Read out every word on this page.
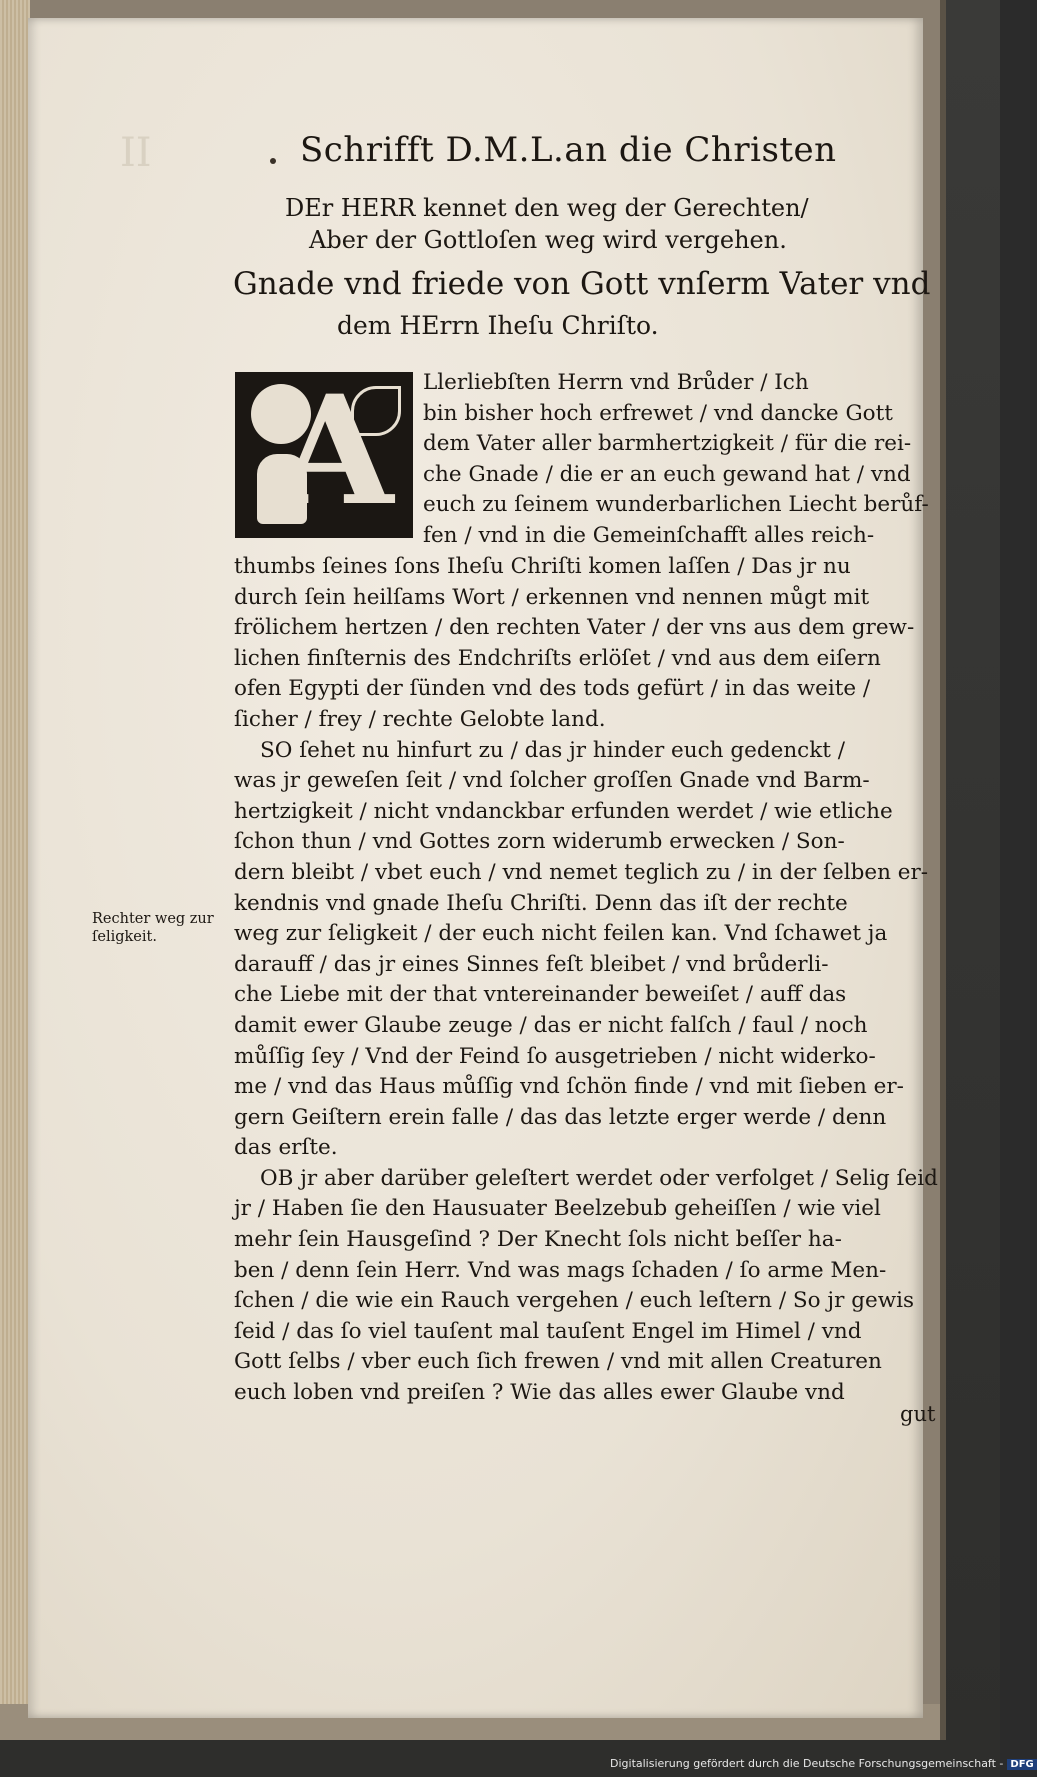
II	Schrifft D.M.L.an die Christen
DEr HERR kennet den weg der Gerechten/
Aber der Gottloſen weg wird vergehen.
Gnade vnd friede von Gott vnſerm Vater vnd
dem HErrn Iheſu Chriſto.
A Llerliebſten Herrn vnd Brůder / Ich
bin bisher hoch erfrewet / vnd dancke Gott
dem Vater aller barmhertzigkeit / für die rei-
che Gnade / die er an euch gewand hat / vnd
euch zu ſeinem wunderbarlichen Liecht berůf-
fen / vnd in die Gemeinſchafft alles reich-
thumbs ſeines ſons Iheſu Chriſti komen laſſen / Das jr nu
durch ſein heilſams Wort / erkennen vnd nennen můgt mit
frölichem hertzen / den rechten Vater / der vns aus dem grew-
lichen finſternis des Endchriſts erlöſet / vnd aus dem eiſern
ofen Egypti der ſünden vnd des tods gefürt / in das weite /
ſicher / frey / rechte Gelobte land.
SO ſehet nu hinfurt zu / das jr hinder euch gedenckt /
was jr geweſen ſeit / vnd ſolcher groſſen Gnade vnd Barm-
hertzigkeit / nicht vndanckbar erfunden werdet / wie etliche
ſchon thun / vnd Gottes zorn widerumb erwecken / Son-
dern bleibt / vbet euch / vnd nemet teglich zu / in der ſelben er-
kendnis vnd gnade Iheſu Chriſti. Denn das iſt der rechte
weg zur ſeligkeit / der euch nicht feilen kan. Vnd ſchawet ja
darauff / das jr eines Sinnes feſt bleibet / vnd brůderli-
che Liebe mit der that vntereinander beweiſet / auff das
damit ewer Glaube zeuge / das er nicht falſch / faul / noch
můſſig ſey / Vnd der Feind ſo ausgetrieben / nicht widerko-
me / vnd das Haus můſſig vnd ſchön finde / vnd mit ſieben er-
gern Geiſtern erein falle / das das letzte erger werde / denn
das erſte.
OB jr aber darüber geleſtert werdet oder verfolget / Selig ſeid
jr / Haben ſie den Hausuater Beelzebub geheiſſen / wie viel
mehr ſein Hausgeſind ? Der Knecht ſols nicht beſſer ha-
ben / denn ſein Herr. Vnd was mags ſchaden / ſo arme Men-
ſchen / die wie ein Rauch vergehen / euch leſtern / So jr gewis
ſeid / das ſo viel tauſent mal tauſent Engel im Himel / vnd
Gott ſelbs / vber euch ſich frewen / vnd mit allen Creaturen
euch loben vnd preiſen ? Wie das alles ewer Glaube vnd
Rechter weg zur
ſeligkeit.
gut
Digitalisierung gefördert durch die Deutsche Forschungsgemeinschaft - DFG
